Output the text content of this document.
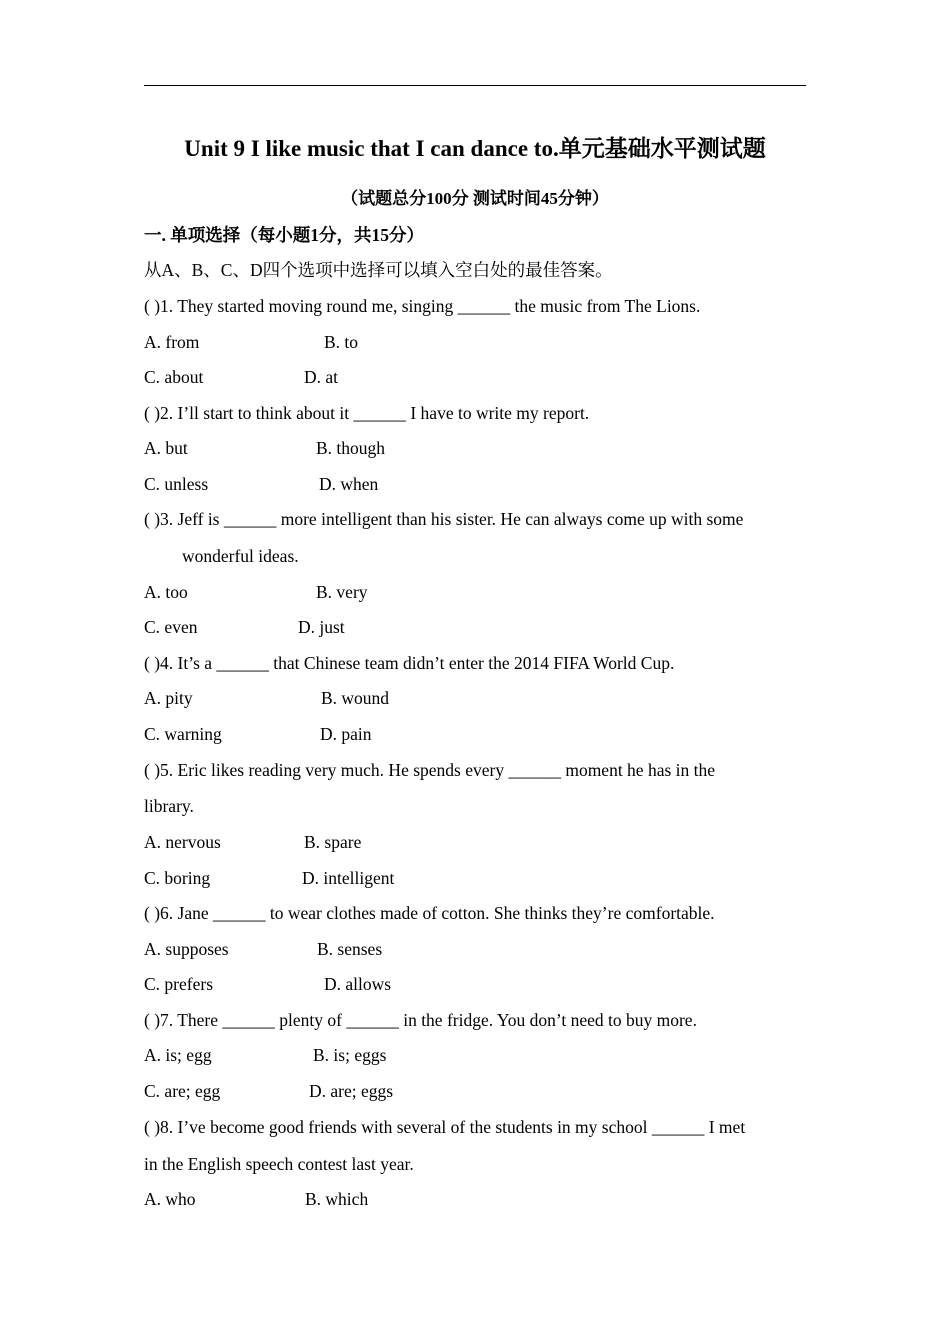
Unit 9 I like music that I can dance to.单元基础水平测试题
（试题总分100分 测试时间45分钟）
一. 单项选择（每小题1分，共15分）
从A、B、C、D四个选项中选择可以填入空白处的最佳答案。
( )1. They started moving round me, singing ______ the music from The Lions.
A. from	B. to
C. about	D. at
( )2. I’ll start to think about it ______ I have to write my report.
A. but	B. though
C. unless	D. when
( )3. Jeff is ______ more intelligent than his sister. He can always come up with some
wonderful ideas.
A. too	B. very
C. even	D. just
( )4. It’s a ______ that Chinese team didn’t enter the 2014 FIFA World Cup.
A. pity	B. wound
C. warning	D. pain
( )5. Eric likes reading very much. He spends every ______ moment he has in the
library.
A. nervous	B. spare
C. boring	D. intelligent
( )6. Jane ______ to wear clothes made of cotton. She thinks they’re comfortable.
A. supposes	B. senses
C. prefers	D. allows
( )7. There ______ plenty of ______ in the fridge. You don’t need to buy more.
A. is; egg	B. is; eggs
C. are; egg	D. are; eggs
( )8. I’ve become good friends with several of the students in my school ______ I met
in the English speech contest last year.
A. who	B. which
